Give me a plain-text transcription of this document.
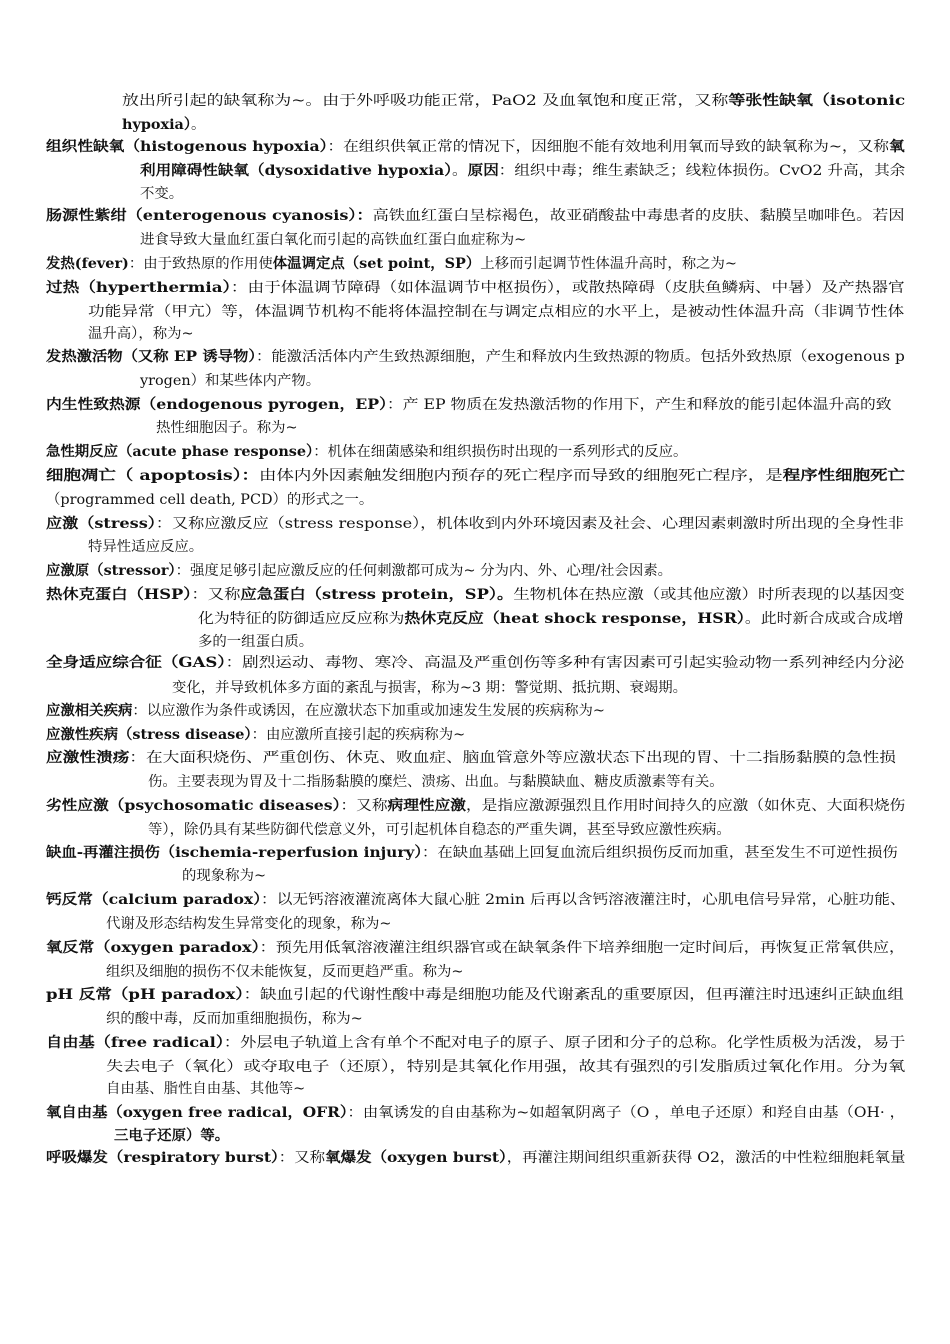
放出所引起的缺氧称为~。由于外呼吸功能正常，PaO2 及血氧饱和度正常，又称等张性缺氧（isotonic
hypoxia）。
组织性缺氧（histogenous hypoxia）：在组织供氧正常的情况下，因细胞不能有效地利用氧而导致的缺氧称为~，又称氧
利用障碍性缺氧（dysoxidative hypoxia）。原因：组织中毒；维生素缺乏；线粒体损伤。CvO2 升高，其余
不变。
肠源性紫绀（enterogenous cyanosis）：高铁血红蛋白呈棕褐色，故亚硝酸盐中毒患者的皮肤、黏膜呈咖啡色。若因
进食导致大量血红蛋白氧化而引起的高铁血红蛋白血症称为~
发热(fever)：由于致热原的作用使体温调定点（set point，SP）上移而引起调节性体温升高时，称之为~
过热（hyperthermia）：由于体温调节障碍（如体温调节中枢损伤），或散热障碍（皮肤鱼鳞病、中暑）及产热器官
功能异常（甲亢）等，体温调节机构不能将体温控制在与调定点相应的水平上，是被动性体温升高（非调节性体
温升高），称为~
发热激活物（又称 EP 诱导物）：能激活活体内产生致热源细胞，产生和释放内生致热源的物质。包括外致热原（exogenous p
yrogen）和某些体内产物。
内生性致热源（endogenous pyrogen，EP）：产 EP 物质在发热激活物的作用下，产生和释放的能引起体温升高的致
热性细胞因子。称为~
急性期反应（acute phase response）：机体在细菌感染和组织损伤时出现的一系列形式的反应。
细胞凋亡（ apoptosis）：由体内外因素触发细胞内预存的死亡程序而导致的细胞死亡程序，是程序性细胞死亡
（programmed cell death, PCD）的形式之一。
应激（stress）：又称应激反应（stress response），机体收到内外环境因素及社会、心理因素刺激时所出现的全身性非
特异性适应反应。
应激原（stressor）：强度足够引起应激反应的任何刺激都可成为~ 分为内、外、心理/社会因素。
热休克蛋白（HSP）：又称应急蛋白（stress protein，SP）。生物机体在热应激（或其他应激）时所表现的以基因变
化为特征的防御适应反应称为热休克反应（heat shock response，HSR）。此时新合成或合成增
多的一组蛋白质。
全身适应综合征（GAS）：剧烈运动、毒物、寒冷、高温及严重创伤等多种有害因素可引起实验动物一系列神经内分泌
变化，并导致机体多方面的紊乱与损害，称为~3 期：警觉期、抵抗期、衰竭期。
应激相关疾病：以应激作为条件或诱因，在应激状态下加重或加速发生发展的疾病称为~
应激性疾病（stress disease）：由应激所直接引起的疾病称为~
应激性溃疡：在大面积烧伤、严重创伤、休克、败血症、脑血管意外等应激状态下出现的胃、十二指肠黏膜的急性损
伤。主要表现为胃及十二指肠黏膜的糜烂、溃疡、出血。与黏膜缺血、糖皮质激素等有关。
劣性应激（psychosomatic diseases）：又称病理性应激，是指应激源强烈且作用时间持久的应激（如休克、大面积烧伤
等），除仍具有某些防御代偿意义外，可引起机体自稳态的严重失调，甚至导致应激性疾病。
缺血-再灌注损伤（ischemia-reperfusion injury）：在缺血基础上回复血流后组织损伤反而加重，甚至发生不可逆性损伤
的现象称为~
钙反常（calcium paradox）：以无钙溶液灌流离体大鼠心脏 2min 后再以含钙溶液灌注时，心肌电信号异常，心脏功能、
代谢及形态结构发生异常变化的现象，称为~
氧反常（oxygen paradox）：预先用低氧溶液灌注组织器官或在缺氧条件下培养细胞一定时间后，再恢复正常氧供应，
组织及细胞的损伤不仅未能恢复，反而更趋严重。称为~
pH 反常（pH paradox）：缺血引起的代谢性酸中毒是细胞功能及代谢紊乱的重要原因，但再灌注时迅速纠正缺血组
织的酸中毒，反而加重细胞损伤，称为~
自由基（free radical）：外层电子轨道上含有单个不配对电子的原子、原子团和分子的总称。化学性质极为活泼，易于
失去电子（氧化）或夺取电子（还原），特别是其氧化作用强，故其有强烈的引发脂质过氧化作用。分为氧
自由基、脂性自由基、其他等~
氧自由基（oxygen free radical，OFR）：由氧诱发的自由基称为~如超氧阴离子（O ，单电子还原）和羟自由基（OH· ，
三电子还原）等。
呼吸爆发（respiratory burst）：又称氧爆发（oxygen burst），再灌注期间组织重新获得 O2，激活的中性粒细胞耗氧量
